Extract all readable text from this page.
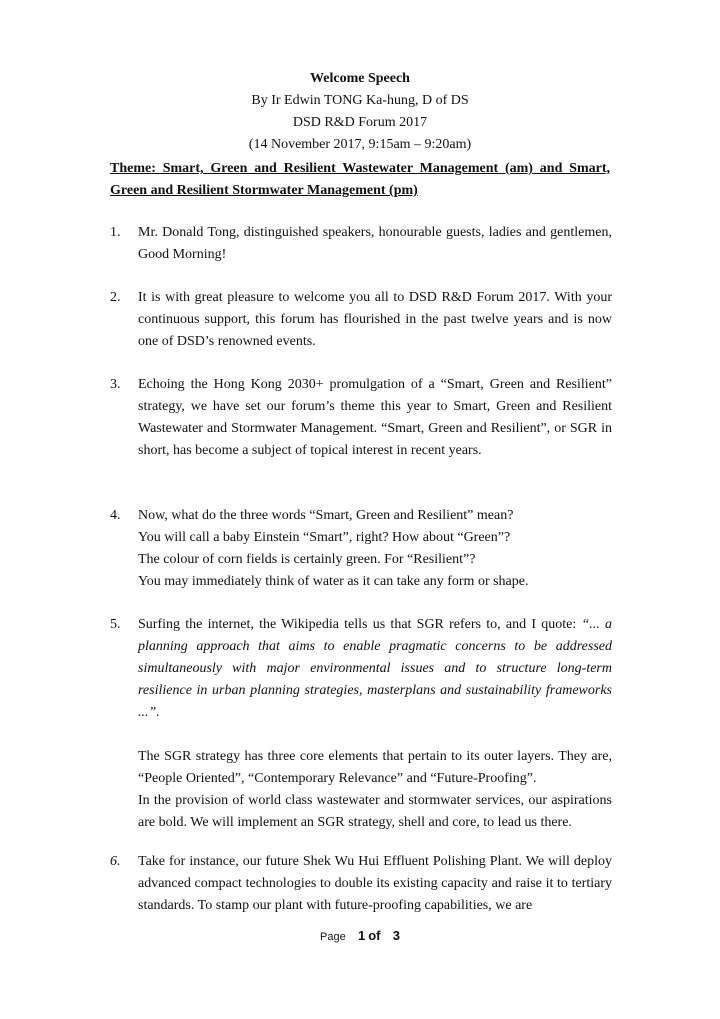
Welcome Speech
By Ir Edwin TONG Ka-hung, D of DS
DSD R&D Forum 2017
(14 November 2017, 9:15am – 9:20am)
Theme: Smart, Green and Resilient Wastewater Management (am) and Smart, Green and Resilient Stormwater Management (pm)
1.	Mr. Donald Tong, distinguished speakers, honourable guests, ladies and gentlemen, Good Morning!

2.	It is with great pleasure to welcome you all to DSD R&D Forum 2017. With your continuous support, this forum has flourished in the past twelve years and is now one of DSD’s renowned events.

3.	Echoing the Hong Kong 2030+ promulgation of a “Smart, Green and Resilient” strategy, we have set our forum’s theme this year to Smart, Green and Resilient Wastewater and Stormwater Management. “Smart, Green and Resilient”, or SGR in short, has become a subject of topical interest in recent years.

4.	Now, what do the three words “Smart, Green and Resilient” mean?

You will call a baby Einstein “Smart”, right? How about “Green”?

The colour of corn fields is certainly green. For “Resilient”?

You may immediately think of water as it can take any form or shape.

5.	Surfing the internet, the Wikipedia tells us that SGR refers to, and I quote: “... a planning approach that aims to enable pragmatic concerns to be addressed simultaneously with major environmental issues and to structure long-term resilience in urban planning strategies, masterplans and sustainability frameworks ...”.

The SGR strategy has three core elements that pertain to its outer layers. They are, “People Oriented”, “Contemporary Relevance” and “Future-Proofing”.

In the provision of world class wastewater and stormwater services, our aspirations are bold. We will implement an SGR strategy, shell and core, to lead us there.

6.	Take for instance, our future Shek Wu Hui Effluent Polishing Plant. We will deploy advanced compact technologies to double its existing capacity and raise it to tertiary standards. To stamp our plant with future-proofing capabilities, we are

Page 1 of 3
